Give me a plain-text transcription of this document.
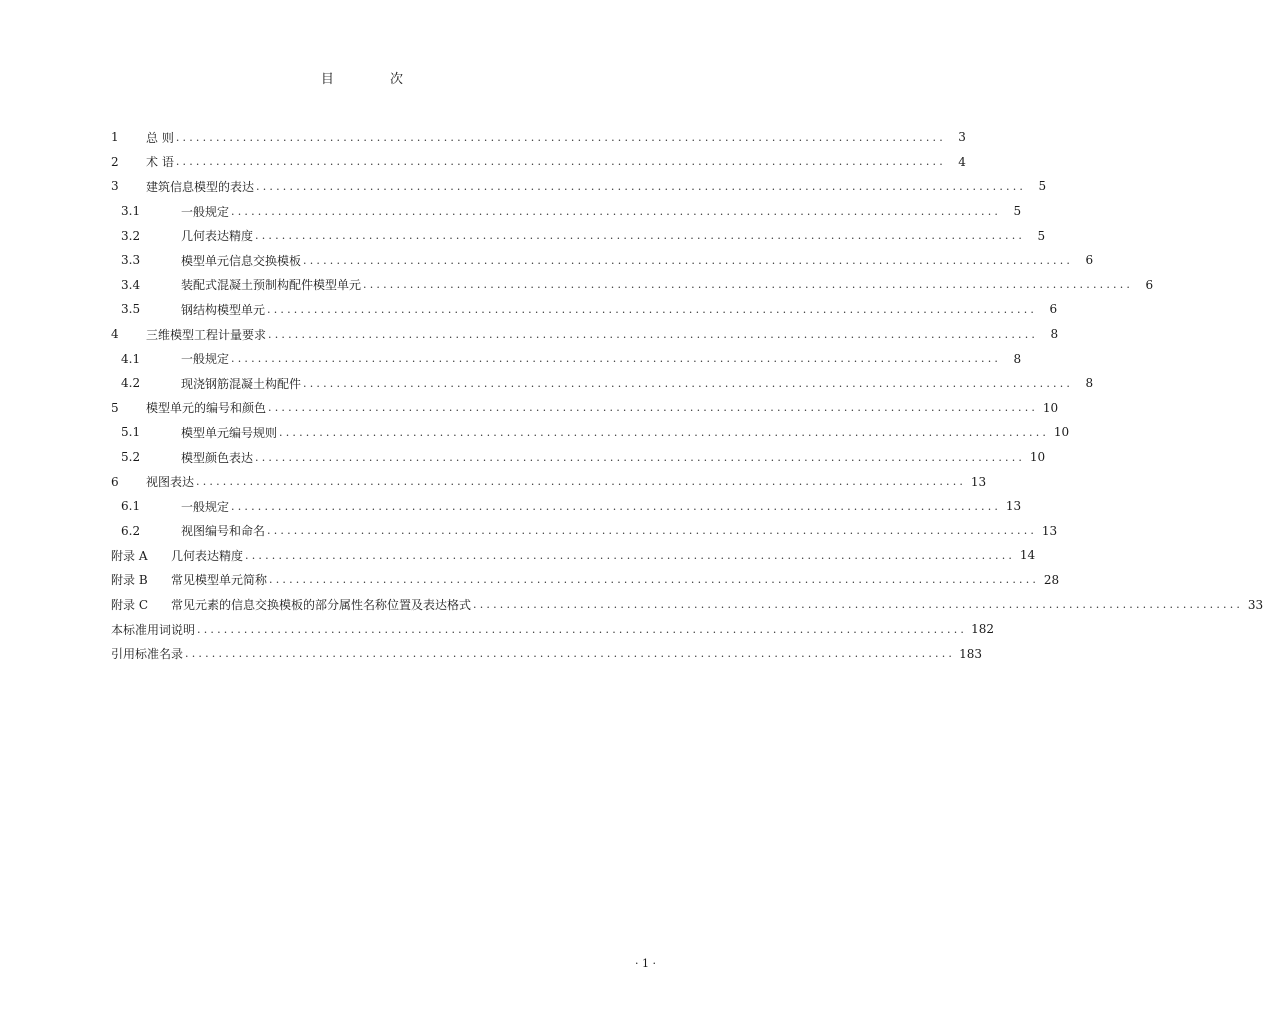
目 次
1	总 则 ...................................................................................................................	3
2	术 语 ...................................................................................................................	4
3	建筑信息模型的表达 ...................................................................................................................	5
3.1	一般规定 ...................................................................................................................	5
3.2	几何表达精度 ...................................................................................................................	5
3.3	模型单元信息交换模板 ...................................................................................................................	6
3.4	装配式混凝土预制构配件模型单元 ...................................................................................................................	6
3.5	钢结构模型单元 ...................................................................................................................	6
4	三维模型工程计量要求 ...................................................................................................................	8
4.1	一般规定 ...................................................................................................................	8
4.2	现浇钢筋混凝土构配件 ...................................................................................................................	8
5	模型单元的编号和颜色 ................................................................................................................... 10
5.1	模型单元编号规则 ................................................................................................................... 10
5.2	模型颜色表达 ................................................................................................................... 10
6	视图表达 ................................................................................................................... 13
6.1	一般规定 ................................................................................................................... 13
6.2	视图编号和命名 ................................................................................................................... 13
附录 A	几何表达精度 ................................................................................................................... 14
附录 B	常见模型单元简称 ................................................................................................................... 28
附录 C	常见元素的信息交换模板的部分属性名称位置及表达格式 ................................................................................................................... 33
本标准用词说明 ................................................................................................................... 182
引用标准名录 ................................................................................................................... 183
· 1 ·
